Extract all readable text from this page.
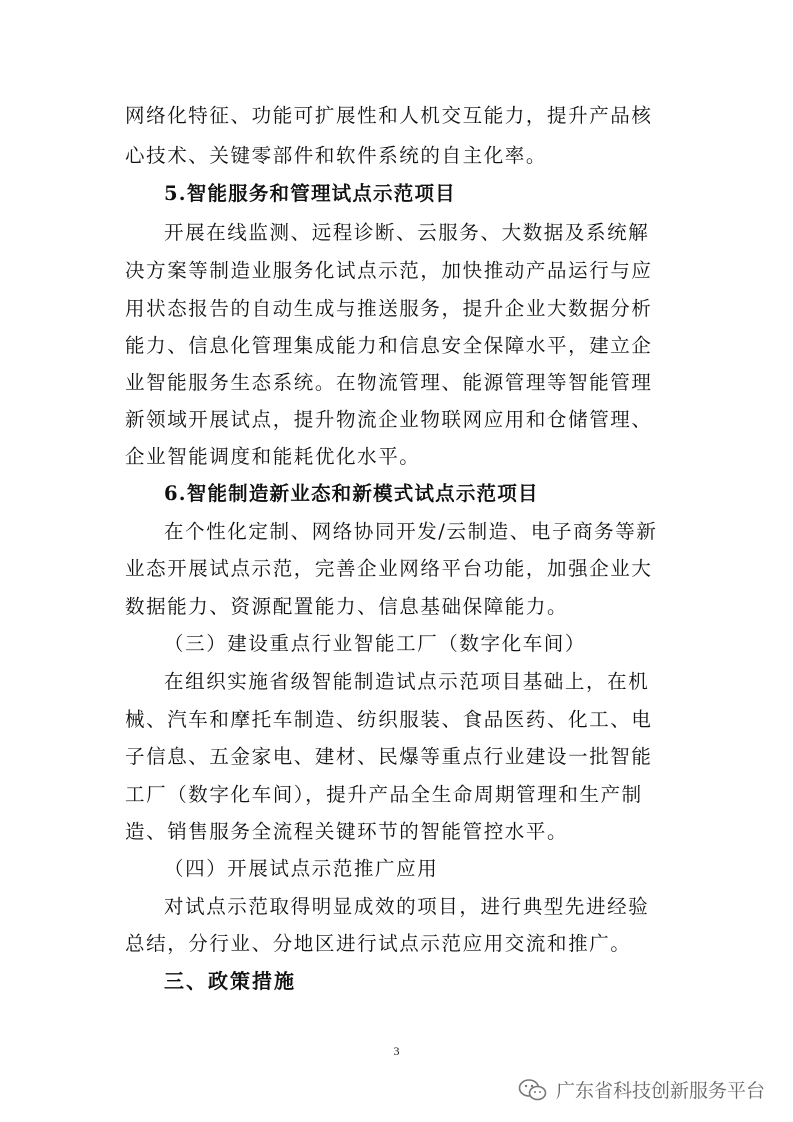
网络化特征、功能可扩展性和人机交互能力，提升产品核
心技术、关键零部件和软件系统的自主化率。
5.智能服务和管理试点示范项目
开展在线监测、远程诊断、云服务、大数据及系统解
决方案等制造业服务化试点示范，加快推动产品运行与应
用状态报告的自动生成与推送服务，提升企业大数据分析
能力、信息化管理集成能力和信息安全保障水平，建立企
业智能服务生态系统。在物流管理、能源管理等智能管理
新领域开展试点，提升物流企业物联网应用和仓储管理、
企业智能调度和能耗优化水平。
6.智能制造新业态和新模式试点示范项目
在个性化定制、网络协同开发/云制造、电子商务等新
业态开展试点示范，完善企业网络平台功能，加强企业大
数据能力、资源配置能力、信息基础保障能力。
（三）建设重点行业智能工厂（数字化车间）
在组织实施省级智能制造试点示范项目基础上，在机
械、汽车和摩托车制造、纺织服装、食品医药、化工、电
子信息、五金家电、建材、民爆等重点行业建设一批智能
工厂（数字化车间），提升产品全生命周期管理和生产制
造、销售服务全流程关键环节的智能管控水平。
（四）开展试点示范推广应用
对试点示范取得明显成效的项目，进行典型先进经验
总结，分行业、分地区进行试点示范应用交流和推广。
三、政策措施
3
广东省科技创新服务平台
